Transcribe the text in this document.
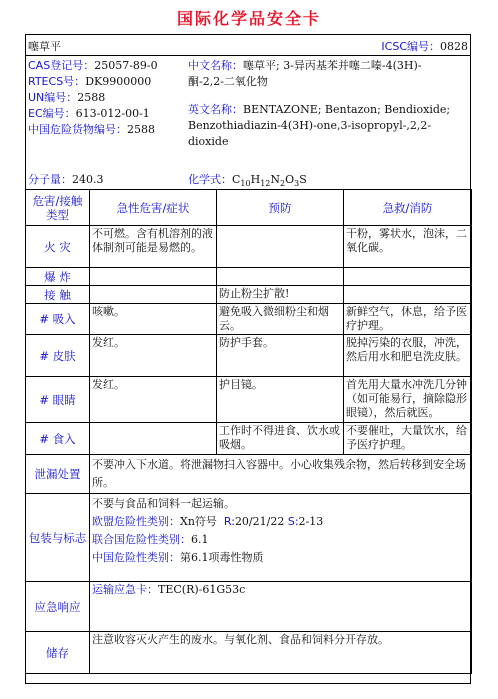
国际化学品安全卡
噻草平	ICSC编号：0828
CAS登记号：25057-89-0
RTECS号：DK9900000
UN编号：2588
EC编号：613-012-00-1
中国危险货物编号：2588
中文名称：噻草平; 3-异丙基苯并噻二嗪-4(3H)-
酮-2,2-二氧化物
英文名称：BENTAZONE; Bentazon; Bendioxide;
Benzothiadiazin-4(3H)-one,3-isopropyl-,2,2-
dioxide
分子量：240.3	化学式：$C_{10}H_{12}N_2O_3S$
危害/接触类型	急性危害/症状	预防	急救/消防
火 灾	不可燃。含有机溶剂的液体制剂可能是易燃的。		干粉，雾状水，泡沫，二氧化碳。
爆 炸			
接 触		防止粉尘扩散!	
# 吸入	咳嗽。	避免吸入微细粉尘和烟云。	新鲜空气，休息，给予医疗护理。
# 皮肤	发红。	防护手套。	脱掉污染的衣服，冲洗，然后用水和肥皂洗皮肤。
# 眼睛	发红。	护目镜。	首先用大量水冲洗几分钟（如可能易行，摘除隐形眼镜），然后就医。
# 食入		工作时不得进食、饮水或吸烟。	不要催吐，大量饮水，给予医疗护理。
泄漏处置	不要冲入下水道。将泄漏物扫入容器中。小心收集残余物，然后转移到安全场所。		
包装与标志	不要与食品和饲料一起运输。
欧盟危险性类别：Xn符号 R:20/21/22 S:2-13
联合国危险性类别：6.1
中国危险性类别：第6.1项毒性物质		

应急响应	运输应急卡：TEC(R)-61G53c		
储存	注意收容灭火产生的废水。与氧化剂、食品和饲料分开存放。		
